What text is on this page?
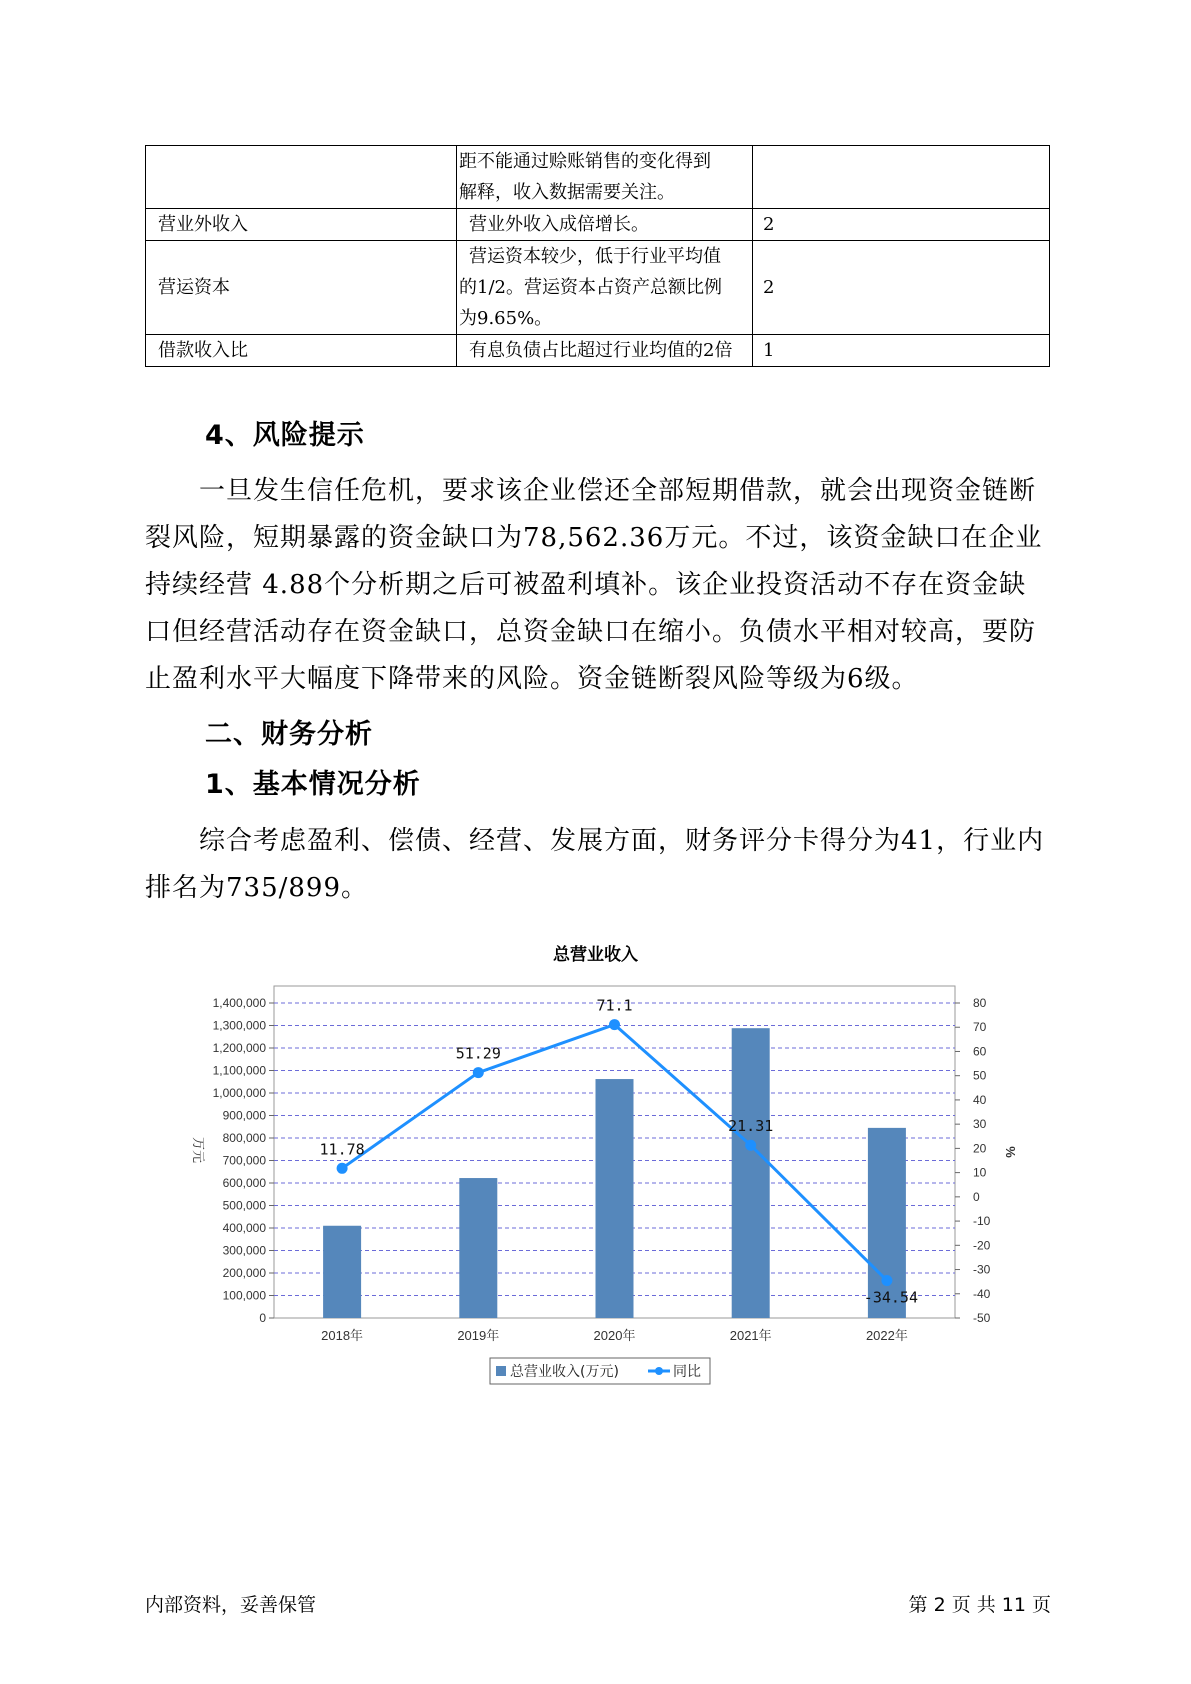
	距不能通过赊账销售的变化得到
解释，收入数据需要关注。	

营业外收入	营业外收入成倍增长。	2
营运资本	营运资本较少，低于行业平均值
的1/2。营运资本占资产总额比例
为9.65%。	2
借款收入比	有息负债占比超过行业均值的2倍	1
4、风险提示

一旦发生信任危机，要求该企业偿还全部短期借款，就会出现资金链断裂风险，短期暴露的资金缺口为78,562.36万元。不过，该资金缺口在企业持续经营 4.88个分析期之后可被盈利填补。该企业投资活动不存在资金缺口但经营活动存在资金缺口，总资金缺口在缩小。负债水平相对较高，要防止盈利水平大幅度下降带来的风险。资金链断裂风险等级为6级。

二、财务分析
1、基本情况分析

综合考虑盈利、偿债、经营、发展方面，财务评分卡得分为41，行业内排名为735/899。

总营业收入
0
100,000
200,000
300,000
400,000
500,000
600,000
700,000
800,000
900,000
1,000,000
1,100,000
1,200,000
1,300,000
1,400,000
-50
-40
-30
-20
-10
0
10
20
30
40
50
60
70
80
万元	%
2018年	2019年	2020年	2021年	2022年
11.78
51.29
71.1
21.31
-34.54
总营业收入(万元)	同比
内部资料，妥善保管	第 2 页 共 11 页
